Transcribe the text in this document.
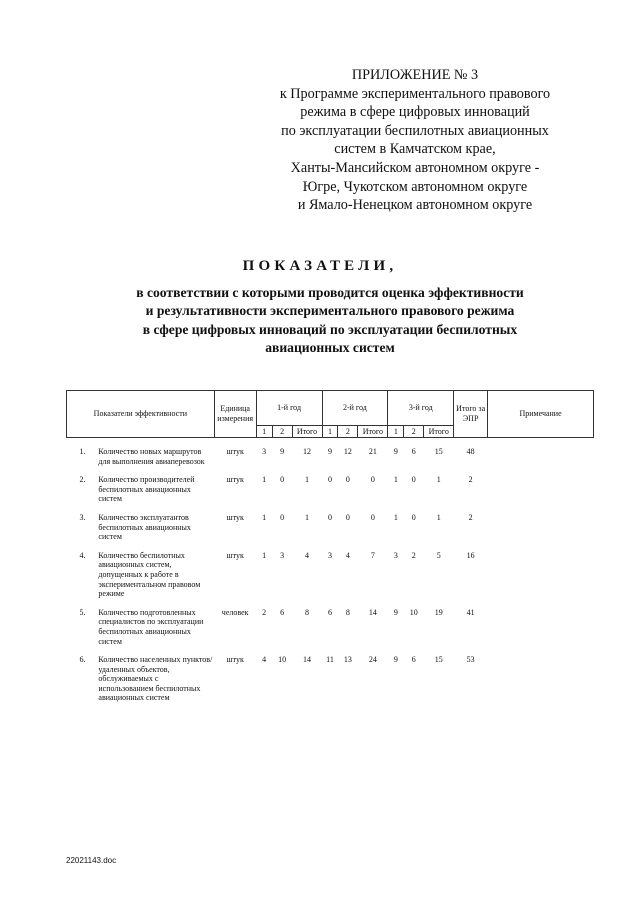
ПРИЛОЖЕНИЕ № 3
к Программе экспериментального правового
режима в сфере цифровых инноваций
по эксплуатации беспилотных авиационных
систем в Камчатском крае,
Ханты-Мансийском автономном округе -
Югре, Чукотском автономном округе
и Ямало-Ненецком автономном округе
ПОКАЗАТЕЛИ,
в соответствии с которыми проводится оценка эффективности
и результативности экспериментального правового режима
в сфере цифровых инноваций по эксплуатации беспилотных
авиационных систем
Показатели эффективности		Единица измерения	1-й год			2-й год			3-й год			Итого за ЭПР	Примечание
			1	2	Итого	1	2	Итого	1	2	Итого		

1.	Количество новых маршрутов для выполнения авиаперевозок	штук	3	9	12	9	12	21	9	6	15	48	

2.	Количество производителей беспилотных авиационных систем	штук	1	0	1	0	0	0	1	0	1	2	

3.	Количество эксплуатантов беспилотных авиационных систем	штук	1	0	1	0	0	0	1	0	1	2	

4.	Количество беспилотных авиационных систем, допущенных к работе в экспериментальном правовом режиме	штук	1	3	4	3	4	7	3	2	5	16	

5.	Количество подготовленных специалистов по эксплуатации беспилотных авиационных систем	человек	2	6	8	6	8	14	9	10	19	41	

6.	Количество населенных пунктов/ удаленных объектов, обслуживаемых с использованием беспилотных авиационных систем	штук	4	10	14	11	13	24	9	6	15	53	
22021143.doc
